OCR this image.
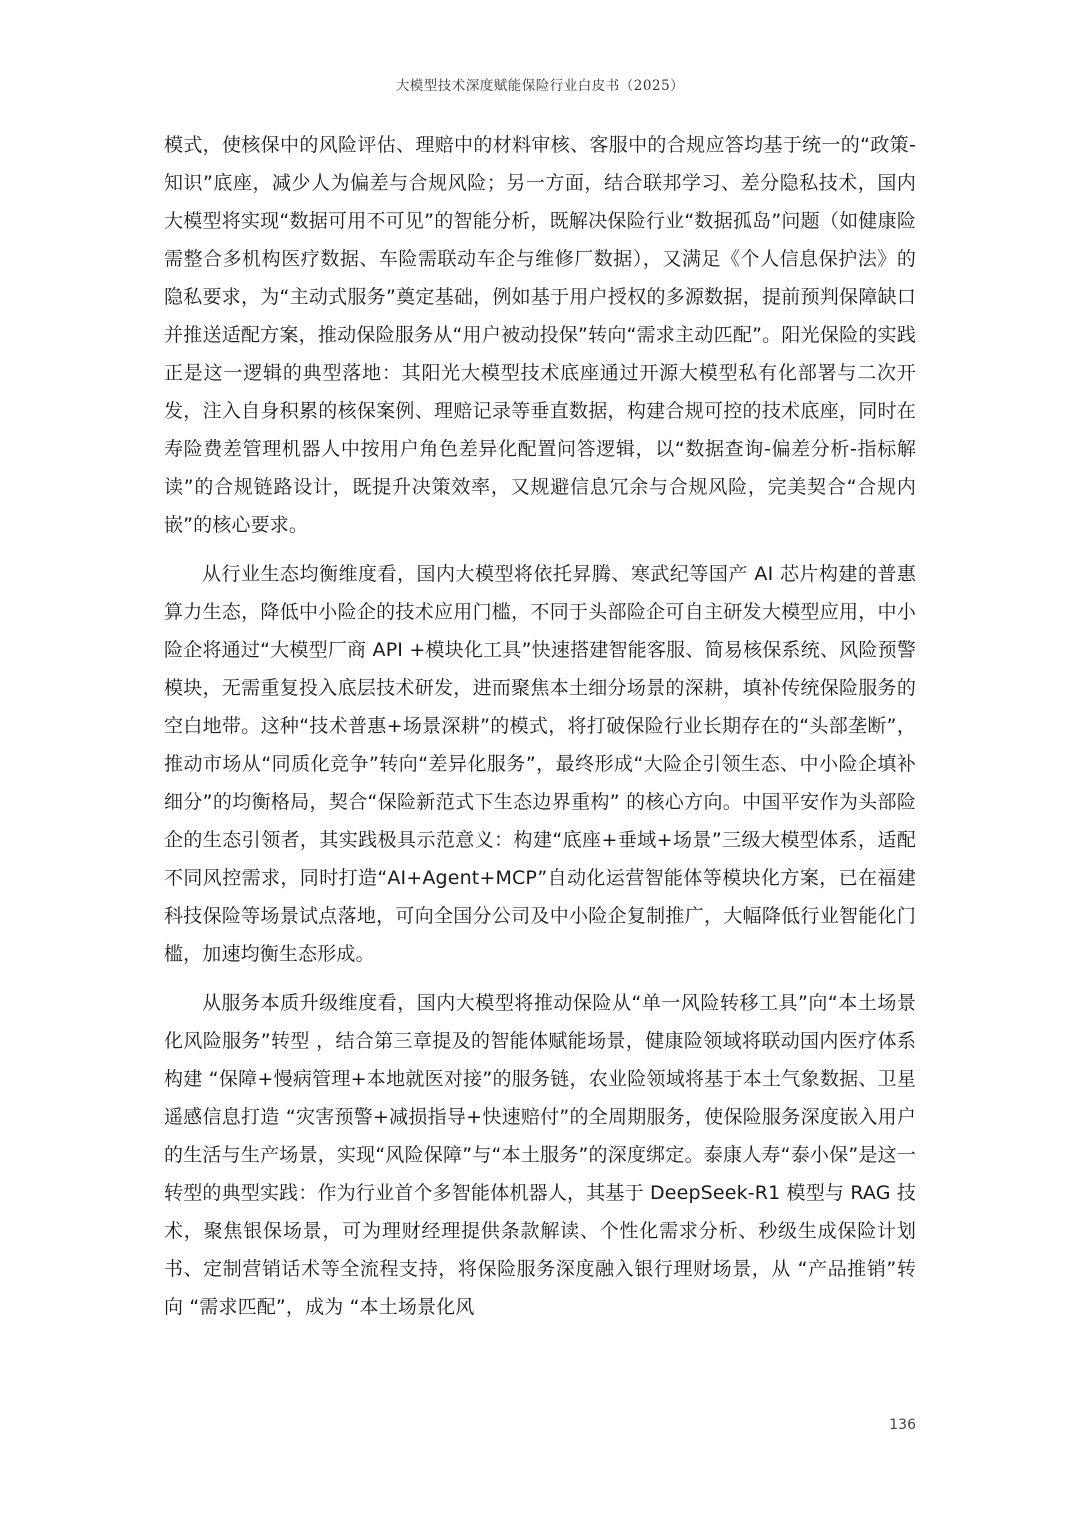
大模型技术深度赋能保险行业白皮书（2025）

模式，使核保中的风险评估、理赔中的材料审核、客服中的合规应答均基于统一的“政策-知识”底座，减少人为偏差与合规风险；另一方面，结合联邦学习、差分隐私技术，国内大模型将实现“数据可用不可见”的智能分析，既解决保险行业“数据孤岛”问题（如健康险需整合多机构医疗数据、车险需联动车企与维修厂数据），又满足《个人信息保护法》的隐私要求，为“主动式服务”奠定基础，例如基于用户授权的多源数据，提前预判保障缺口并推送适配方案，推动保险服务从“用户被动投保”转向“需求主动匹配”。阳光保险的实践正是这一逻辑的典型落地：其阳光大模型技术底座通过开源大模型私有化部署与二次开发，注入自身积累的核保案例、理赔记录等垂直数据，构建合规可控的技术底座，同时在寿险费差管理机器人中按用户角色差异化配置问答逻辑，以“数据查询-偏差分析-指标解读”的合规链路设计，既提升决策效率，又规避信息冗余与合规风险，完美契合“合规内嵌”的核心要求。

从行业生态均衡维度看，国内大模型将依托昇腾、寒武纪等国产 AI 芯片构建的普惠算力生态，降低中小险企的技术应用门槛，不同于头部险企可自主研发大模型应用，中小险企将通过“大模型厂商 API +模块化工具”快速搭建智能客服、简易核保系统、风险预警模块，无需重复投入底层技术研发，进而聚焦本土细分场景的深耕，填补传统保险服务的空白地带。这种“技术普惠+场景深耕”的模式，将打破保险行业长期存在的“头部垄断”，推动市场从“同质化竞争”转向“差异化服务”，最终形成“大险企引领生态、中小险企填补细分”的均衡格局，契合“保险新范式下生态边界重构” 的核心方向。中国平安作为头部险企的生态引领者，其实践极具示范意义：构建“底座+垂域+场景”三级大模型体系，适配不同风控需求，同时打造“AI+Agent+MCP”自动化运营智能体等模块化方案，已在福建科技保险等场景试点落地，可向全国分公司及中小险企复制推广，大幅降低行业智能化门槛，加速均衡生态形成。

从服务本质升级维度看，国内大模型将推动保险从“单一风险转移工具”向“本土场景化风险服务”转型 ，结合第三章提及的智能体赋能场景，健康险领域将联动国内医疗体系构建 “保障+慢病管理+本地就医对接”的服务链，农业险领域将基于本土气象数据、卫星遥感信息打造 “灾害预警+减损指导+快速赔付”的全周期服务，使保险服务深度嵌入用户的生活与生产场景，实现“风险保障”与“本土服务”的深度绑定。泰康人寿“泰小保”是这一转型的典型实践：作为行业首个多智能体机器人，其基于 DeepSeek-R1 模型与 RAG 技术，聚焦银保场景，可为理财经理提供条款解读、个性化需求分析、秒级生成保险计划书、定制营销话术等全流程支持，将保险服务深度融入银行理财场景，从 “产品推销”转向 “需求匹配”，成为 “本土场景化风

136
